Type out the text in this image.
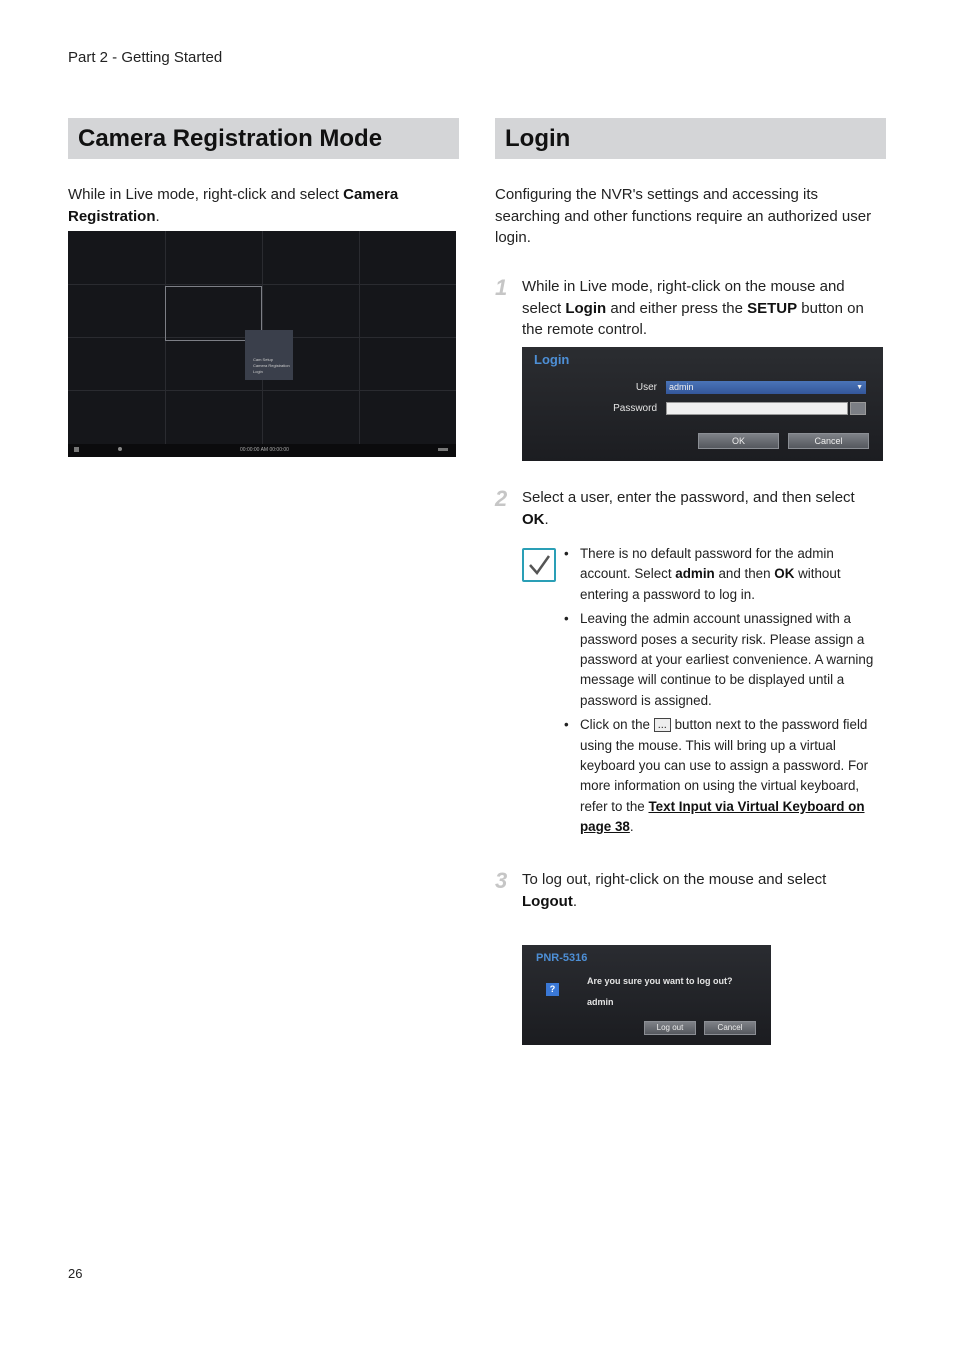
Part 2 - Getting Started
Camera Registration Mode
While in Live mode, right-click and select Camera Registration.
Cam Setup
Camera Registration
Login
00:00:00 AM 00:00:00
Login
Configuring the NVR's settings and accessing its searching and other functions require an authorized user login.
1 While in Live mode, right-click on the mouse and select Login and either press the SETUP button on the remote control.
Login
User	admin	▼
Password
OK	Cancel
2 Select a user, enter the password, and then select OK.
• There is no default password for the admin account. Select admin and then OK without entering a password to log in.
• Leaving the admin account unassigned with a password poses a security risk. Please assign a password at your earliest convenience. A warning message will continue to be displayed until a password is assigned.
• Click on the ... button next to the password field using the mouse. This will bring up a virtual keyboard you can use to assign a password. For more information on using the virtual keyboard, refer to the Text Input via Virtual Keyboard on page 38.
3 To log out, right-click on the mouse and select Logout.
PNR-5316
?
Are you sure you want to log out?
admin
Log out	Cancel
26
